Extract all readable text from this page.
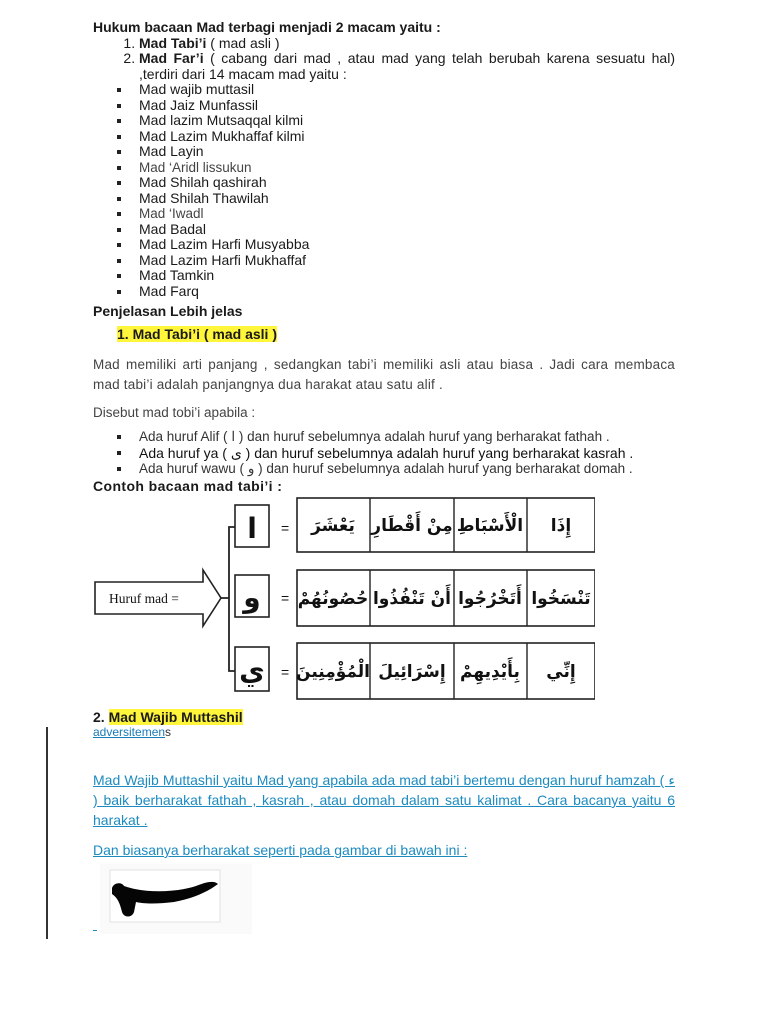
Hukum bacaan Mad terbagi menjadi 2 macam yaitu :

1. Mad Tabi’i ( mad asli )
2. Mad Far’i ( cabang dari mad , atau mad yang telah berubah karena sesuatu hal) ,terdiri dari 14 macam mad yaitu :
Mad wajib muttasil
Mad Jaiz Munfassil
Mad lazim Mutsaqqal kilmi
Mad Lazim Mukhaffaf kilmi
Mad Layin
Mad ‘Aridl lissukun
Mad Shilah qashirah
Mad Shilah Thawilah
Mad ‘Iwadl
Mad Badal
Mad Lazim Harfi Musyabba
Mad Lazim Harfi Mukhaffaf
Mad Tamkin
Mad Farq
Penjelasan Lebih jelas
1. Mad Tabi’i ( mad asli )
Mad memiliki arti panjang , sedangkan tabi’i memiliki asli atau biasa . Jadi cara membaca mad tabi’i adalah panjangnya dua harakat atau satu alif .
Disebut mad tobi’i apabila :
Ada huruf Alif ( ا ) dan huruf sebelumnya adalah huruf yang berharakat fathah .
Ada huruf ya ( ى ) dan huruf sebelumnya adalah huruf yang berharakat kasrah .
Ada huruf wawu ( و ) dan huruf sebelumnya adalah huruf yang berharakat domah .
Contoh bacaan mad tabi’i :
Huruf mad =
ا
و
ي
=
=
=
يَعْشَرَ مِنْ أَقْطَارِ الْأَسْبَاطِ إِذَا
حُصُونُهُمْ أَنْ تَنْفُذُوا أَتَخْرُجُوا تَنْسَخُوا
الْمُؤْمِنِينَ إِسْرَائِيلَ بِأَيْدِيهِمْ إِنِّي
2. Mad Wajib Muttashil
adversitemens
Mad Wajib Muttashil yaitu Mad yang apabila ada mad tabi’i bertemu dengan huruf hamzah ( ء ) baik berharakat fathah , kasrah , atau domah dalam satu kalimat . Cara bacanya yaitu 6 harakat .
Dan biasanya berharakat seperti pada gambar di bawah ini :
